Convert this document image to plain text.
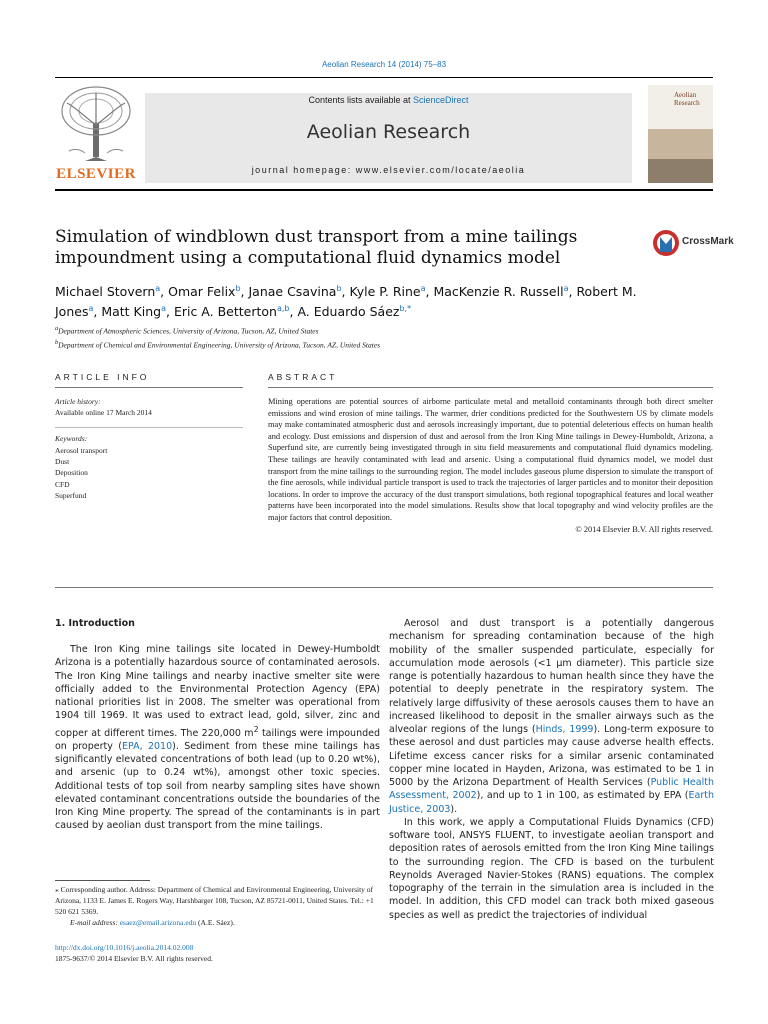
Aeolian Research 14 (2014) 75–83
ELSEVIER
Contents lists available at ScienceDirect
Aeolian Research
journal homepage: www.elsevier.com/locate/aeolia
Aeolian Research
Simulation of windblown dust transport from a mine tailings impoundment using a computational fluid dynamics model
CrossMark
Michael Stovern$^a$, Omar Felix$^b$, Janae Csavina$^b$, Kyle P. Rine$^a$, MacKenzie R. Russell$^a$, Robert M. Jones$^a$, Matt King$^a$, Eric A. Betterton$^{a,b}$, A. Eduardo Sáez$^{b,*}$
$^a$Department of Atmospheric Sciences, University of Arizona, Tucson, AZ, United States
$^b$Department of Chemical and Environmental Engineering, University of Arizona, Tucson, AZ, United States
ARTICLE INFO	ABSTRACT
Article history:
Available online 17 March 2014
Keywords:
Aerosol transport
Dust
Deposition
CFD
Superfund
Mining operations are potential sources of airborne particulate metal and metalloid contaminants through both direct smelter emissions and wind erosion of mine tailings. The warmer, drier conditions predicted for the Southwestern US by climate models may make contaminated atmospheric dust and aerosols increasingly important, due to potential deleterious effects on human health and ecology. Dust emissions and dispersion of dust and aerosol from the Iron King Mine tailings in Dewey-Humboldt, Arizona, a Superfund site, are currently being investigated through in situ field measurements and computational fluid dynamics modeling. These tailings are heavily contaminated with lead and arsenic. Using a computational fluid dynamics model, we model dust transport from the mine tailings to the surrounding region. The model includes gaseous plume dispersion to simulate the transport of the fine aerosols, while individual particle transport is used to track the trajectories of larger particles and to monitor their deposition locations. In order to improve the accuracy of the dust transport simulations, both regional topographical features and local weather patterns have been incorporated into the model simulations. Results show that local topography and wind velocity profiles are the major factors that control deposition.
© 2014 Elsevier B.V. All rights reserved.
1. Introduction

The Iron King mine tailings site located in Dewey-Humboldt Arizona is a potentially hazardous source of contaminated aerosols. The Iron King Mine tailings and nearby inactive smelter site were officially added to the Environmental Protection Agency (EPA) national priorities list in 2008. The smelter was operational from 1904 till 1969. It was used to extract lead, gold, silver, zinc and copper at different times. The 220,000 $m^2$ tailings were impounded on property (EPA, 2010). Sediment from these mine tailings has significantly elevated concentrations of both lead (up to 0.20 wt%), and arsenic (up to 0.24 wt%), amongst other toxic species. Additional tests of top soil from nearby sampling sites have shown elevated contaminant concentrations outside the boundaries of the Iron King Mine property. The spread of the contaminants is in part caused by aeolian dust transport from the mine tailings.

Aerosol and dust transport is a potentially dangerous mechanism for spreading contamination because of the high mobility of the smaller suspended particulate, especially for accumulation mode aerosols (<1 μm diameter). This particle size range is potentially hazardous to human health since they have the potential to deeply penetrate in the respiratory system. The relatively large diffusivity of these aerosols causes them to have an increased likelihood to deposit in the smaller airways such as the alveolar regions of the lungs (Hinds, 1999). Long-term exposure to these aerosol and dust particles may cause adverse health effects. Lifetime excess cancer risks for a similar arsenic contaminated copper mine located in Hayden, Arizona, was estimated to be 1 in 5000 by the Arizona Department of Health Services (Public Health Assessment, 2002), and up to 1 in 100, as estimated by EPA (Earth Justice, 2003).

In this work, we apply a Computational Fluids Dynamics (CFD) software tool, ANSYS FLUENT, to investigate aeolian transport and deposition rates of aerosols emitted from the Iron King Mine tailings to the surrounding region. The CFD is based on the turbulent Reynolds Averaged Navier-Stokes (RANS) equations. The complex topography of the terrain in the simulation area is included in the model. In addition, this CFD model can track both mixed gaseous species as well as predict the trajectories of individual

⁎ Corresponding author. Address: Department of Chemical and Environmental Engineering, University of Arizona, 1133 E. James E. Rogers Way, Harshbarger 108, Tucson, AZ 85721-0011, United States. Tel.: +1 520 621 5369.
E-mail address: esaez@email.arizona.edu (A.E. Sáez).
http://dx.doi.org/10.1016/j.aeolia.2014.02.008
1875-9637/© 2014 Elsevier B.V. All rights reserved.
